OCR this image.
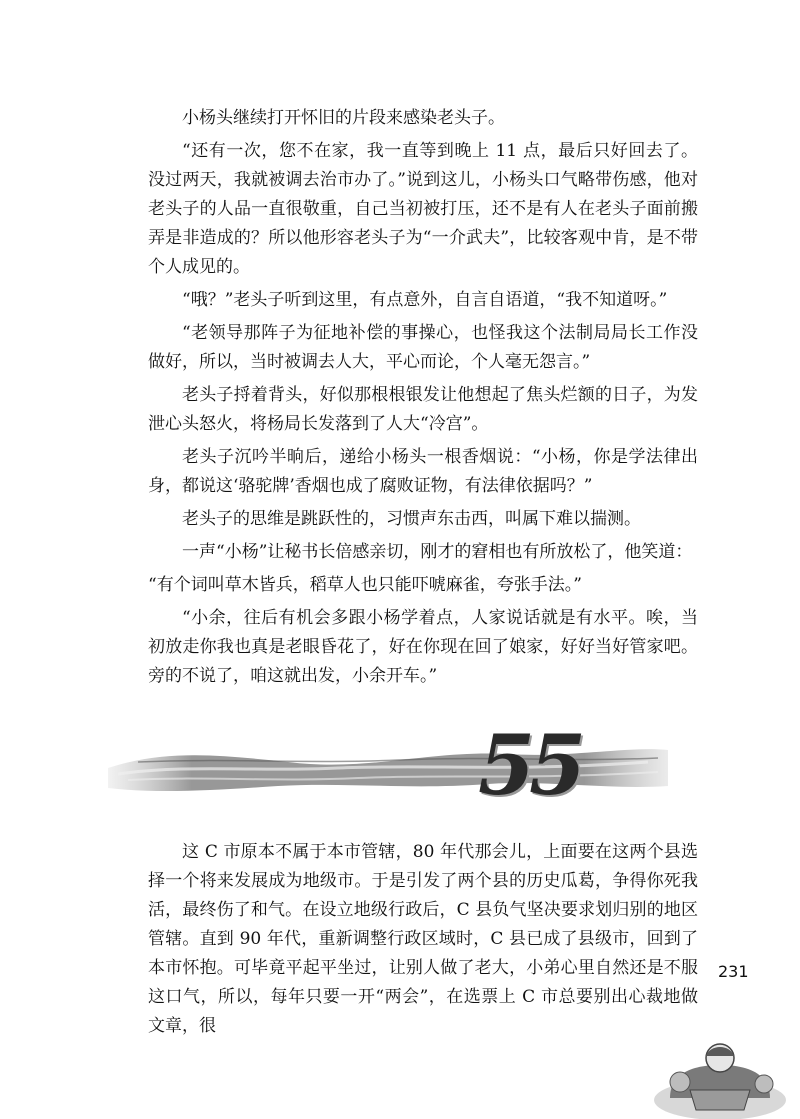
小杨头继续打开怀旧的片段来感染老头子。

“还有一次，您不在家，我一直等到晚上 11 点，最后只好回去了。没过两天，我就被调去治市办了。”说到这儿，小杨头口气略带伤感，他对老头子的人品一直很敬重，自己当初被打压，还不是有人在老头子面前搬弄是非造成的？所以他形容老头子为“一介武夫”，比较客观中肯，是不带个人成见的。

“哦？”老头子听到这里，有点意外，自言自语道，“我不知道呀。”

“老领导那阵子为征地补偿的事操心，也怪我这个法制局局长工作没做好，所以，当时被调去人大，平心而论，个人毫无怨言。”

老头子捋着背头，好似那根根银发让他想起了焦头烂额的日子，为发泄心头怒火，将杨局长发落到了人大“冷宫”。

老头子沉吟半晌后，递给小杨头一根香烟说：“小杨，你是学法律出身，都说这‘骆驼牌’香烟也成了腐败证物，有法律依据吗？”

老头子的思维是跳跃性的，习惯声东击西，叫属下难以揣测。

一声“小杨”让秘书长倍感亲切，刚才的窘相也有所放松了，他笑道：

“有个词叫草木皆兵，稻草人也只能吓唬麻雀，夸张手法。”

“小余，往后有机会多跟小杨学着点，人家说话就是有水平。唉，当初放走你我也真是老眼昏花了，好在你现在回了娘家，好好当好管家吧。旁的不说了，咱这就出发，小余开车。”

55

这 C 市原本不属于本市管辖，80 年代那会儿，上面要在这两个县选择一个将来发展成为地级市。于是引发了两个县的历史瓜葛，争得你死我活，最终伤了和气。在设立地级行政后，C 县负气坚决要求划归别的地区管辖。直到 90 年代，重新调整行政区域时，C 县已成了县级市，回到了本市怀抱。可毕竟平起平坐过，让别人做了老大，小弟心里自然还是不服这口气，所以，每年只要一开“两会”，在选票上 C 市总要别出心裁地做文章，很

231
